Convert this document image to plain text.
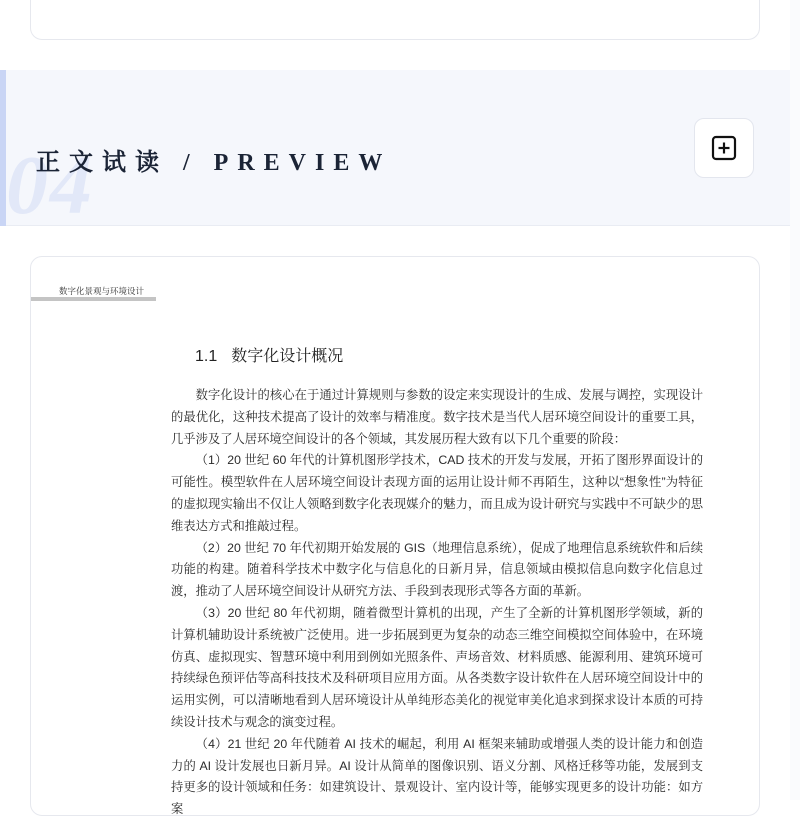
04
正文试读 / PREVIEW
数字化景观与环境设计
1.1 数字化设计概况

数字化设计的核心在于通过计算规则与参数的设定来实现设计的生成、发展与调控，实现设计的最优化，这种技术提高了设计的效率与精准度。数字技术是当代人居环境空间设计的重要工具，几乎涉及了人居环境空间设计的各个领域，其发展历程大致有以下几个重要的阶段：

（1）20 世纪 60 年代的计算机图形学技术，CAD 技术的开发与发展，开拓了图形界面设计的可能性。模型软件在人居环境空间设计表现方面的运用让设计师不再陌生，这种以“想象性”为特征的虚拟现实输出不仅让人领略到数字化表现媒介的魅力，而且成为设计研究与实践中不可缺少的思维表达方式和推敲过程。

（2）20 世纪 70 年代初期开始发展的 GIS（地理信息系统），促成了地理信息系统软件和后续功能的构建。随着科学技术中数字化与信息化的日新月异，信息领域由模拟信息向数字化信息过渡，推动了人居环境空间设计从研究方法、手段到表现形式等各方面的革新。

（3）20 世纪 80 年代初期，随着微型计算机的出现，产生了全新的计算机图形学领域，新的计算机辅助设计系统被广泛使用。进一步拓展到更为复杂的动态三维空间模拟空间体验中，在环境仿真、虚拟现实、智慧环境中利用到例如光照条件、声场音效、材料质感、能源利用、建筑环境可持续绿色预评估等高科技技术及科研项目应用方面。从各类数字设计软件在人居环境空间设计中的运用实例，可以清晰地看到人居环境设计从单纯形态美化的视觉审美化追求到探求设计本质的可持续设计技术与观念的演变过程。

（4）21 世纪 20 年代随着 AI 技术的崛起，利用 AI 框架来辅助或增强人类的设计能力和创造力的 AI 设计发展也日新月异。AI 设计从简单的图像识别、语义分割、风格迁移等功能，发展到支持更多的设计领域和任务：如建筑设计、景观设计、室内设计等，能够实现更多的设计功能：如方案
